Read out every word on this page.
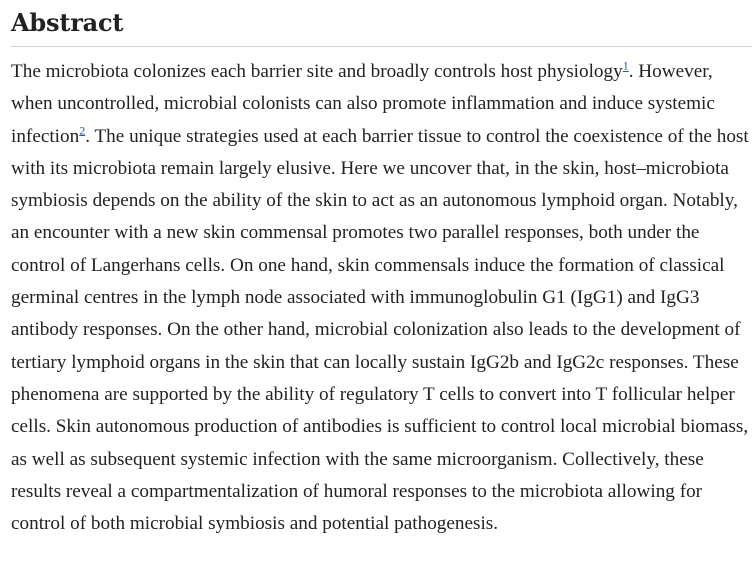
Abstract

The microbiota colonizes each barrier site and broadly controls host physiology$^1$. However, when uncontrolled, microbial colonists can also promote inflammation and induce systemic infection$^2$. The unique strategies used at each barrier tissue to control the coexistence of the host with its microbiota remain largely elusive. Here we uncover that, in the skin, host–microbiota symbiosis depends on the ability of the skin to act as an autonomous lymphoid organ. Notably, an encounter with a new skin commensal promotes two parallel responses, both under the control of Langerhans cells. On one hand, skin commensals induce the formation of classical germinal centres in the lymph node associated with immunoglobulin G1 (IgG1) and IgG3 antibody responses. On the other hand, microbial colonization also leads to the development of tertiary lymphoid organs in the skin that can locally sustain IgG2b and IgG2c responses. These phenomena are supported by the ability of regulatory T cells to convert into T follicular helper cells. Skin autonomous production of antibodies is sufficient to control local microbial biomass, as well as subsequent systemic infection with the same microorganism. Collectively, these results reveal a compartmentalization of humoral responses to the microbiota allowing for control of both microbial symbiosis and potential pathogenesis.
